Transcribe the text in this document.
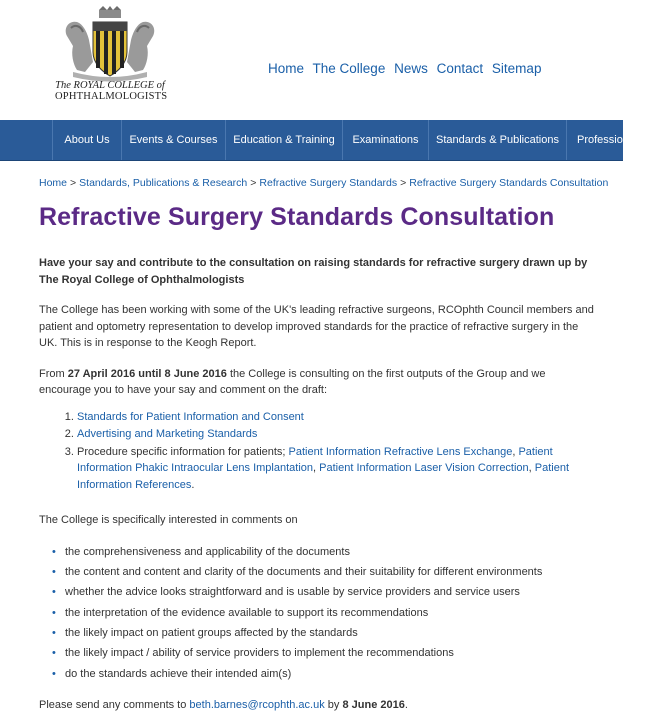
The ROYAL COLLEGE of
OPHTHALMOLOGISTS
Home The College News Contact Sitemap
About Us	Events & Courses	Education & Training	Examinations	Standards & Publications	Profession
Home > Standards, Publications & Research > Refractive Surgery Standards > Refractive Surgery Standards Consultation
Refractive Surgery Standards Consultation

Have your say and contribute to the consultation on raising standards for refractive surgery drawn up by The Royal College of Ophthalmologists

The College has been working with some of the UK's leading refractive surgeons, RCOphth Council members and patient and optometry representation to develop improved standards for the practice of refractive surgery in the UK. This is in response to the Keogh Report.

From 27 April 2016 until 8 June 2016 the College is consulting on the first outputs of the Group and we encourage you to have your say and comment on the draft:

1. Standards for Patient Information and Consent
2. Advertising and Marketing Standards
3. Procedure specific information for patients; Patient Information Refractive Lens Exchange, Patient Information Phakic Intraocular Lens Implantation, Patient Information Laser Vision Correction, Patient Information References.

The College is specifically interested in comments on

• the comprehensiveness and applicability of the documents
• the content and content and clarity of the documents and their suitability for different environments
• whether the advice looks straightforward and is usable by service providers and service users
• the interpretation of the evidence available to support its recommendations
• the likely impact on patient groups affected by the standards
• the likely impact / ability of service providers to implement the recommendations
• do the standards achieve their intended aim(s)

Please send any comments to beth.barnes@rcophth.ac.uk by 8 June 2016.
